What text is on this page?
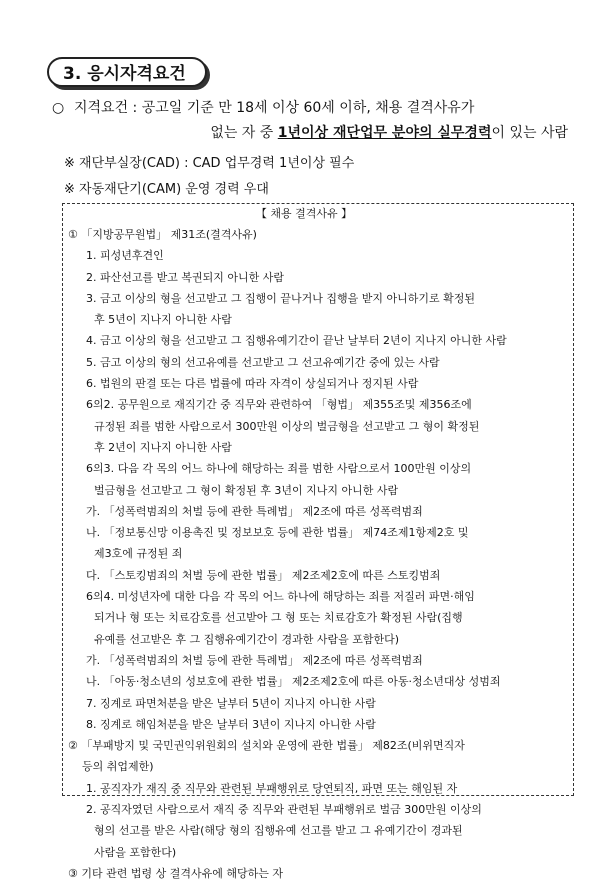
3. 응시자격요건
○ 지격요건 : 공고일 기준 만 18세 이상 60세 이하, 채용 결격사유가
없는 자 중 1년이상 재단업무 분야의 실무경력이 있는 사람
※ 재단부실장(CAD) : CAD 업무경력 1년이상 필수
※ 자동재단기(CAM) 운영 경력 우대
【 채용 결격사유 】
① 「지방공무원법」 제31조(결격사유)
1. 피성년후견인
2. 파산선고를 받고 복권되지 아니한 사람
3. 금고 이상의 형을 선고받고 그 집행이 끝나거나 집행을 받지 아니하기로 확정된
후 5년이 지나지 아니한 사람
4. 금고 이상의 형을 선고받고 그 집행유예기간이 끝난 날부터 2년이 지나지 아니한 사람
5. 금고 이상의 형의 선고유예를 선고받고 그 선고유예기간 중에 있는 사람
6. 법원의 판결 또는 다른 법률에 따라 자격이 상실되거나 정지된 사람
6의2. 공무원으로 재직기간 중 직무와 관련하여 「형법」 제355조및 제356조에
규정된 죄를 범한 사람으로서 300만원 이상의 벌금형을 선고받고 그 형이 확정된
후 2년이 지나지 아니한 사람
6의3. 다음 각 목의 어느 하나에 해당하는 죄를 범한 사람으로서 100만원 이상의
벌금형을 선고받고 그 형이 확정된 후 3년이 지나지 아니한 사람
가. 「성폭력범죄의 처벌 등에 관한 특례법」 제2조에 따른 성폭력범죄
나. 「정보통신망 이용촉진 및 정보보호 등에 관한 법률」 제74조제1항제2호 및
제3호에 규정된 죄
다. 「스토킹범죄의 처벌 등에 관한 법률」 제2조제2호에 따른 스토킹범죄
6의4. 미성년자에 대한 다음 각 목의 어느 하나에 해당하는 죄를 저질러 파면·해임
되거나 형 또는 치료감호를 선고받아 그 형 또는 치료감호가 확정된 사람(집행
유예를 선고받은 후 그 집행유예기간이 경과한 사람을 포함한다)
가. 「성폭력범죄의 처벌 등에 관한 특례법」 제2조에 따른 성폭력범죄
나. 「아동·청소년의 성보호에 관한 법률」 제2조제2호에 따른 아동·청소년대상 성범죄
7. 징계로 파면처분을 받은 날부터 5년이 지나지 아니한 사람
8. 징계로 해임처분을 받은 날부터 3년이 지나지 아니한 사람
② 「부패방지 및 국민권익위원회의 설치와 운영에 관한 법률」 제82조(비위면직자
등의 취업제한)
1. 공직자가 재직 중 직무와 관련된 부패행위로 당연퇴직, 파면 또는 해임된 자
2. 공직자였던 사람으로서 재직 중 직무와 관련된 부패행위로 벌금 300만원 이상의
형의 선고를 받은 사람(해당 형의 집행유예 선고를 받고 그 유예기간이 경과된
사람을 포함한다)
③ 기타 관련 법령 상 결격사유에 해당하는 자
